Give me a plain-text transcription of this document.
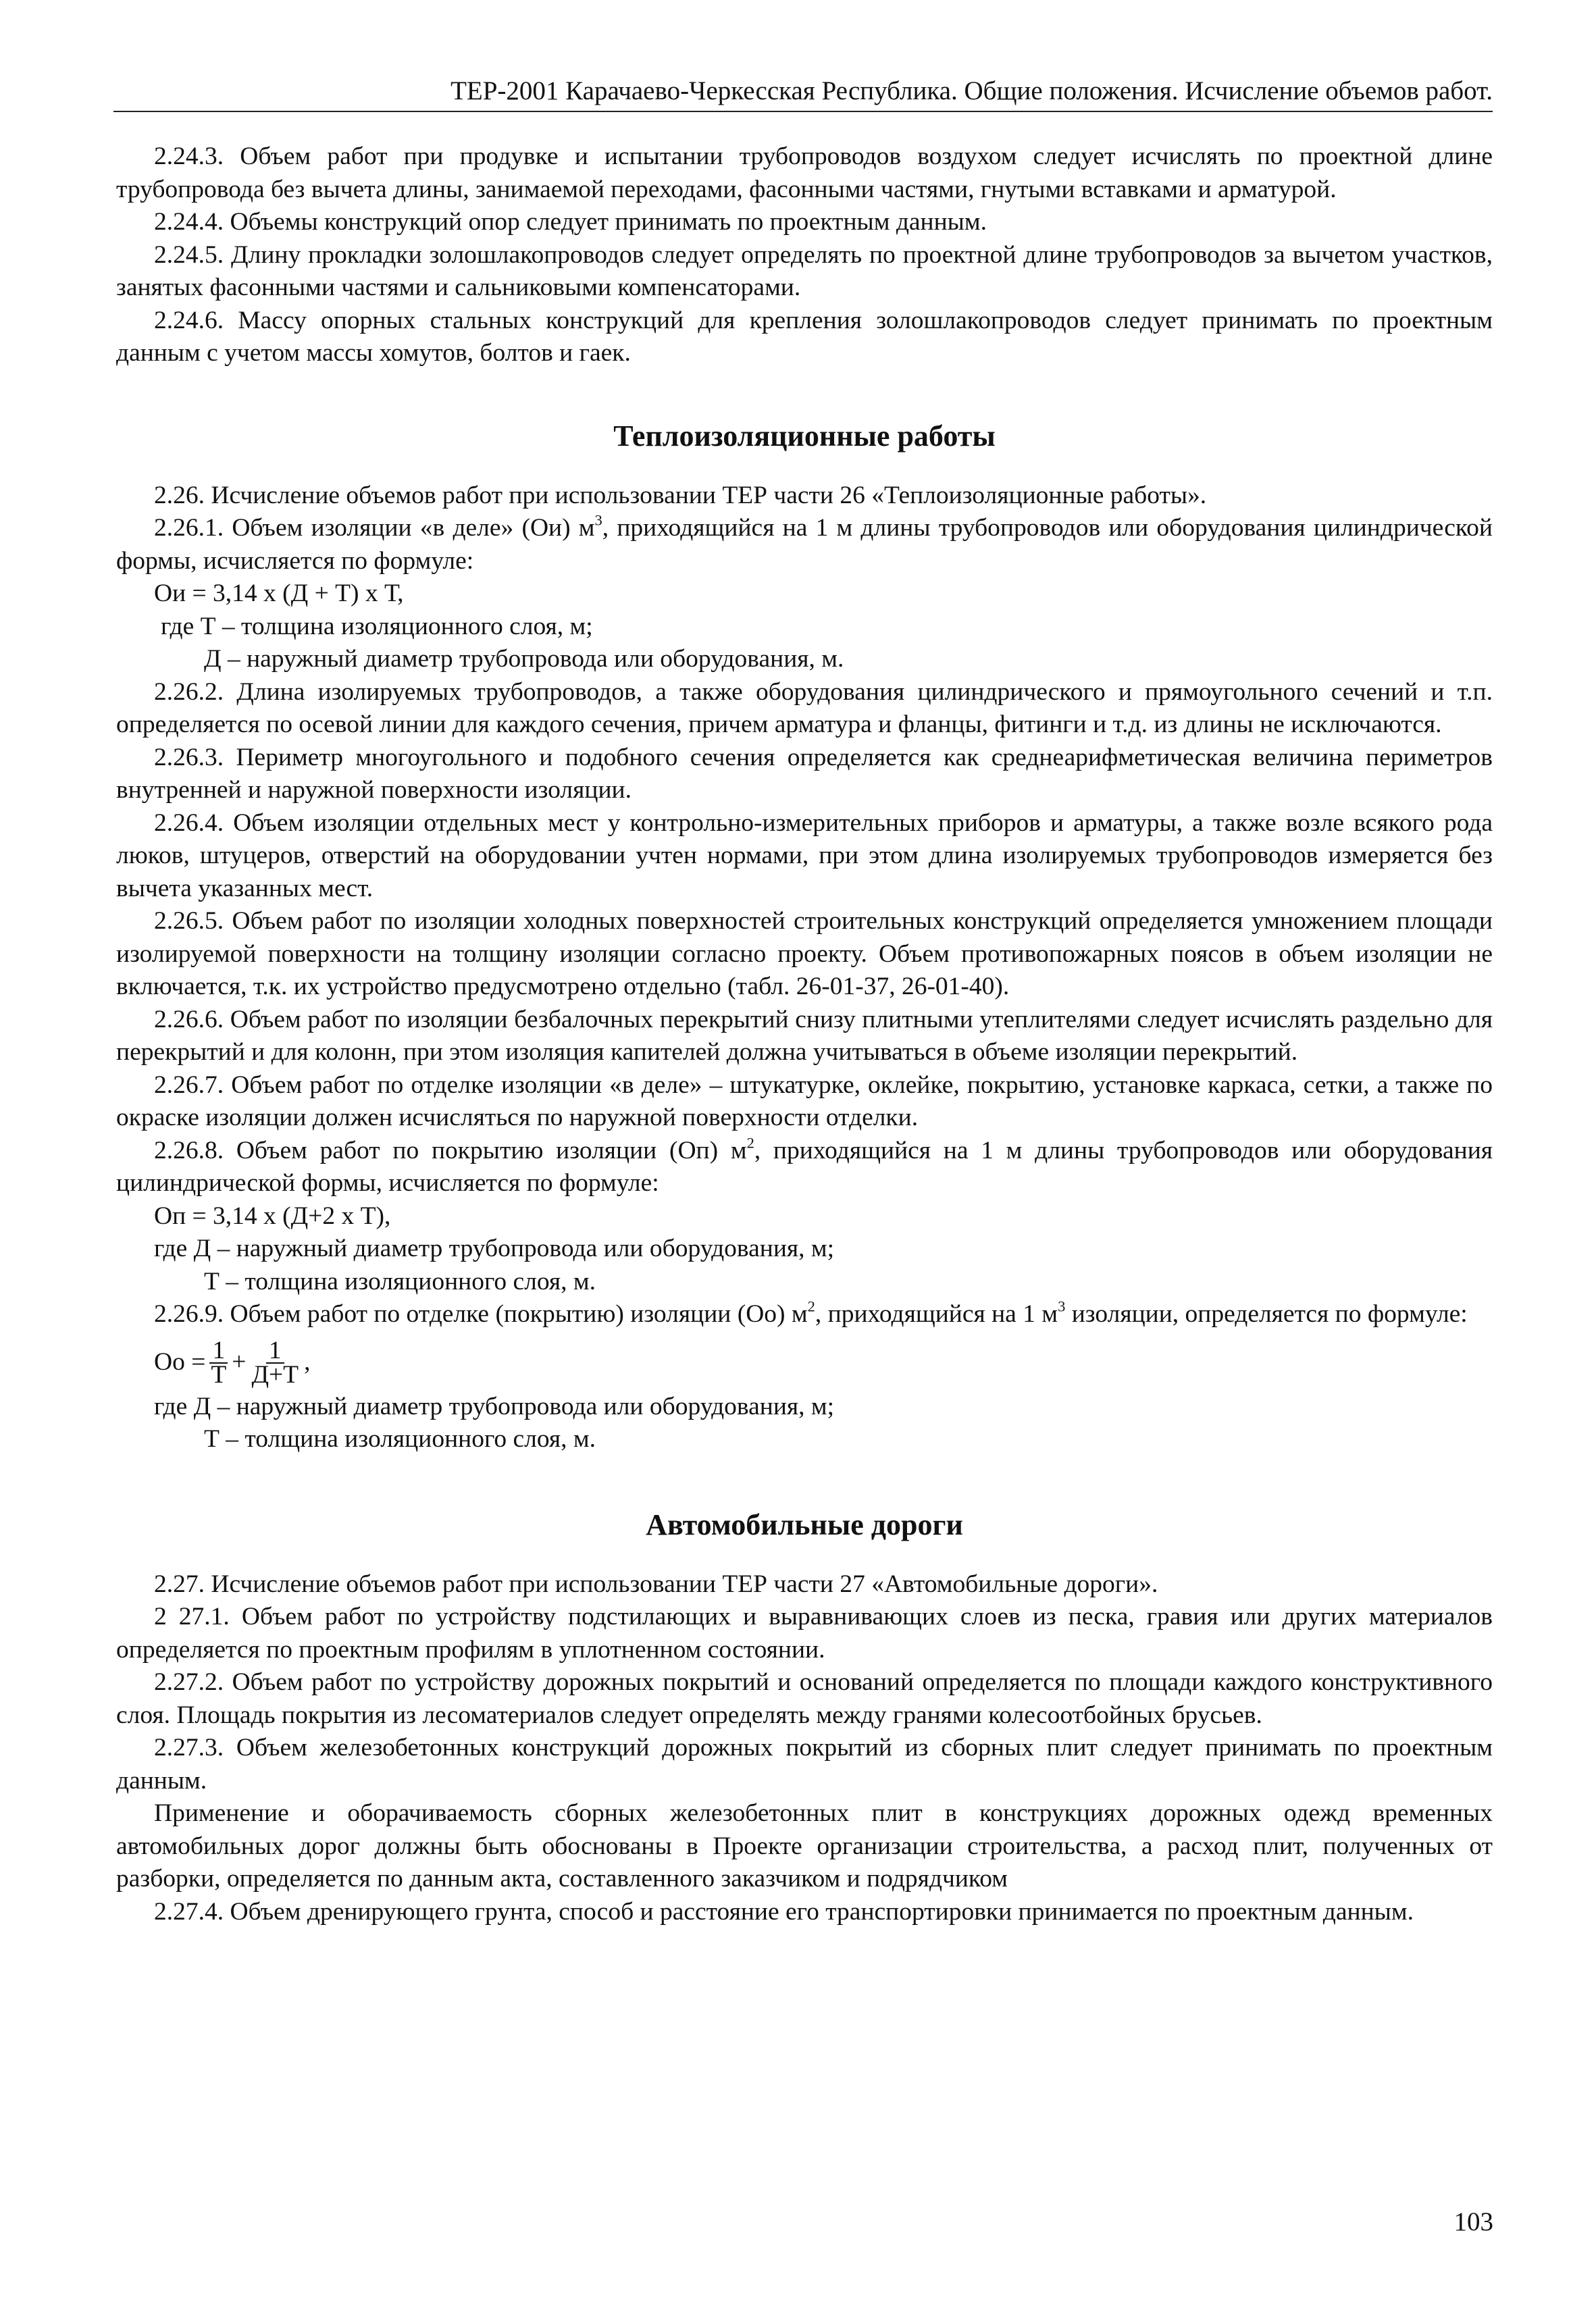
ТЕР-2001 Карачаево-Черкесская Республика. Общие положения. Исчисление объемов работ.

2.24.3. Объем работ при продувке и испытании трубопроводов воздухом следует исчислять по проектной длине трубопровода без вычета длины, занимаемой переходами, фасонными частями, гнутыми вставками и арматурой.

2.24.4. Объемы конструкций опор следует принимать по проектным данным.

2.24.5. Длину прокладки золошлакопроводов следует определять по проектной длине трубопроводов за вычетом участков, занятых фасонными частями и сальниковыми компенсаторами.

2.24.6. Массу опорных стальных конструкций для крепления золошлакопроводов следует принимать по проектным данным с учетом массы хомутов, болтов и гаек.

Теплоизоляционные работы

2.26. Исчисление объемов работ при использовании ТЕР части 26 «Теплоизоляционные работы».

2.26.1. Объем изоляции «в деле» (Ои) $м^3$, приходящийся на 1 м длины трубопроводов или оборудования цилиндрической формы, исчисляется по формуле:

Ои = 3,14 х (Д + Т) х Т,

где Т – толщина изоляционного слоя, м;

Д – наружный диаметр трубопровода или оборудования, м.

2.26.2. Длина изолируемых трубопроводов, а также оборудования цилиндрического и прямоугольного сечений и т.п. определяется по осевой линии для каждого сечения, причем арматура и фланцы, фитинги и т.д. из длины не исключаются.

2.26.3. Периметр многоугольного и подобного сечения определяется как среднеарифметическая величина периметров внутренней и наружной поверхности изоляции.

2.26.4. Объем изоляции отдельных мест у контрольно-измерительных приборов и арматуры, а также возле всякого рода люков, штуцеров, отверстий на оборудовании учтен нормами, при этом длина изолируемых трубопроводов измеряется без вычета указанных мест.

2.26.5. Объем работ по изоляции холодных поверхностей строительных конструкций определяется умножением площади изолируемой поверхности на толщину изоляции согласно проекту. Объем противопожарных поясов в объем изоляции не включается, т.к. их устройство предусмотрено отдельно (табл. 26-01-37, 26-01-40).

2.26.6. Объем работ по изоляции безбалочных перекрытий снизу плитными утеплителями следует исчислять раздельно для перекрытий и для колонн, при этом изоляция капителей должна учитываться в объеме изоляции перекрытий.

2.26.7. Объем работ по отделке изоляции «в деле» – штукатурке, оклейке, покрытию, установке каркаса, сетки, а также по окраске изоляции должен исчисляться по наружной поверхности отделки.

2.26.8. Объем работ по покрытию изоляции (Оп) $м^2$, приходящийся на 1 м длины трубопроводов или оборудования цилиндрической формы, исчисляется по формуле:

Оп = 3,14 х (Д+2 х Т),

где Д – наружный диаметр трубопровода или оборудования, м;

Т – толщина изоляционного слоя, м.

2.26.9. Объем работ по отделке (покрытию) изоляции (Оо) $м^2$, приходящийся на 1 $м^3$ изоляции, определяется по формуле:

Оо = $\frac{1}{Т} + \frac{1}{Д+Т}$ ,

где Д – наружный диаметр трубопровода или оборудования, м;

Т – толщина изоляционного слоя, м.

Автомобильные дороги

2.27. Исчисление объемов работ при использовании ТЕР части 27 «Автомобильные дороги».

2 27.1. Объем работ по устройству подстилающих и выравнивающих слоев из песка, гравия или других материалов определяется по проектным профилям в уплотненном состоянии.

2.27.2. Объем работ по устройству дорожных покрытий и оснований определяется по площади каждого конструктивного слоя. Площадь покрытия из лесоматериалов следует определять между гранями колесоотбойных брусьев.

2.27.3. Объем железобетонных конструкций дорожных покрытий из сборных плит следует принимать по проектным данным.

Применение и оборачиваемость сборных железобетонных плит в конструкциях дорожных одежд временных автомобильных дорог должны быть обоснованы в Проекте организации строительства, а расход плит, полученных от разборки, определяется по данным акта, составленного заказчиком и подрядчиком

2.27.4. Объем дренирующего грунта, способ и расстояние его транспортировки принимается по проектным данным.

103
